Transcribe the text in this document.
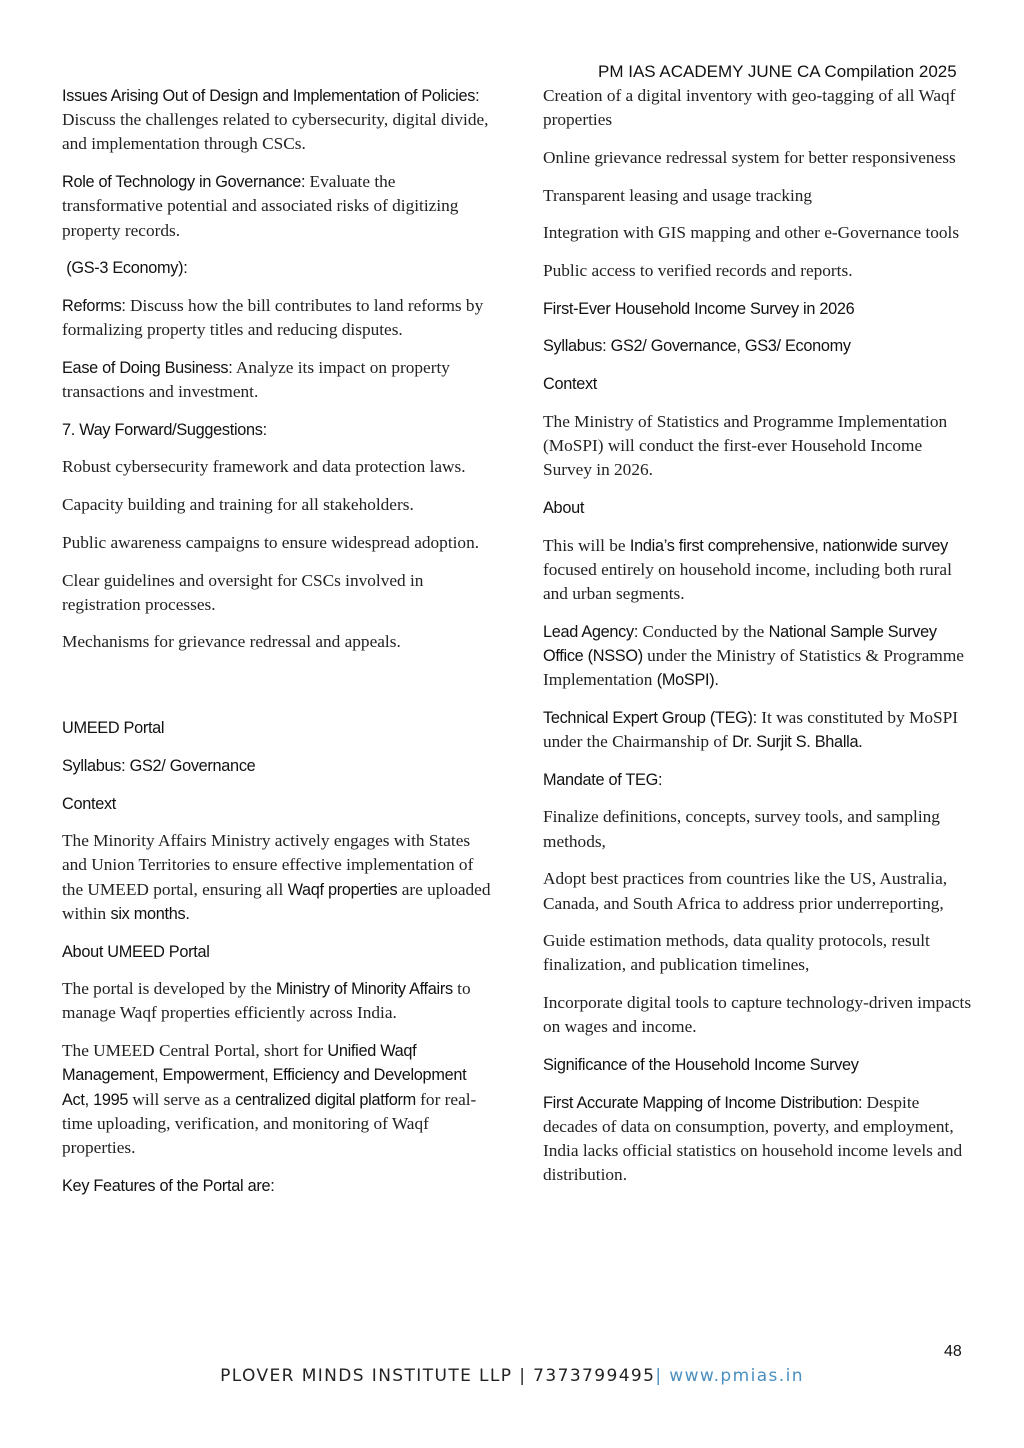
PM IAS ACADEMY JUNE CA Compilation 2025

Issues Arising Out of Design and Implementation of Policies: Discuss the challenges related to cybersecurity, digital divide, and implementation through CSCs.

Role of Technology in Governance: Evaluate the transformative potential and associated risks of digitizing property records.

(GS-3 Economy):

Reforms: Discuss how the bill contributes to land reforms by formalizing property titles and reducing disputes.

Ease of Doing Business: Analyze its impact on property transactions and investment.

7. Way Forward/Suggestions:

Robust cybersecurity framework and data protection laws.

Capacity building and training for all stakeholders.

Public awareness campaigns to ensure widespread adoption.

Clear guidelines and oversight for CSCs involved in registration processes.

Mechanisms for grievance redressal and appeals.

UMEED Portal

Syllabus: GS2/ Governance

Context

The Minority Affairs Ministry actively engages with States and Union Territories to ensure effective implementation of the UMEED portal, ensuring all Waqf properties are uploaded within six months.

About UMEED Portal

The portal is developed by the Ministry of Minority Affairs to manage Waqf properties efficiently across India.

The UMEED Central Portal, short for Unified Waqf Management, Empowerment, Efficiency and Development Act, 1995 will serve as a centralized digital platform for real-time uploading, verification, and monitoring of Waqf properties.

Key Features of the Portal are:

Creation of a digital inventory with geo-tagging of all Waqf properties

Online grievance redressal system for better responsiveness

Transparent leasing and usage tracking

Integration with GIS mapping and other e-Governance tools

Public access to verified records and reports.

First-Ever Household Income Survey in 2026

Syllabus: GS2/ Governance, GS3/ Economy

Context

The Ministry of Statistics and Programme Implementation (MoSPI) will conduct the first-ever Household Income Survey in 2026.

About

This will be India’s first comprehensive, nationwide survey focused entirely on household income, including both rural and urban segments.

Lead Agency: Conducted by the National Sample Survey Office (NSSO) under the Ministry of Statistics & Programme Implementation (MoSPI).

Technical Expert Group (TEG): It was constituted by MoSPI under the Chairmanship of Dr. Surjit S. Bhalla.

Mandate of TEG:

Finalize definitions, concepts, survey tools, and sampling methods,

Adopt best practices from countries like the US, Australia, Canada, and South Africa to address prior underreporting,

Guide estimation methods, data quality protocols, result finalization, and publication timelines,

Incorporate digital tools to capture technology-driven impacts on wages and income.

Significance of the Household Income Survey

First Accurate Mapping of Income Distribution: Despite decades of data on consumption, poverty, and employment, India lacks official statistics on household income levels and distribution.

48
PLOVER MINDS INSTITUTE LLP | 7373799495| www.pmias.in
